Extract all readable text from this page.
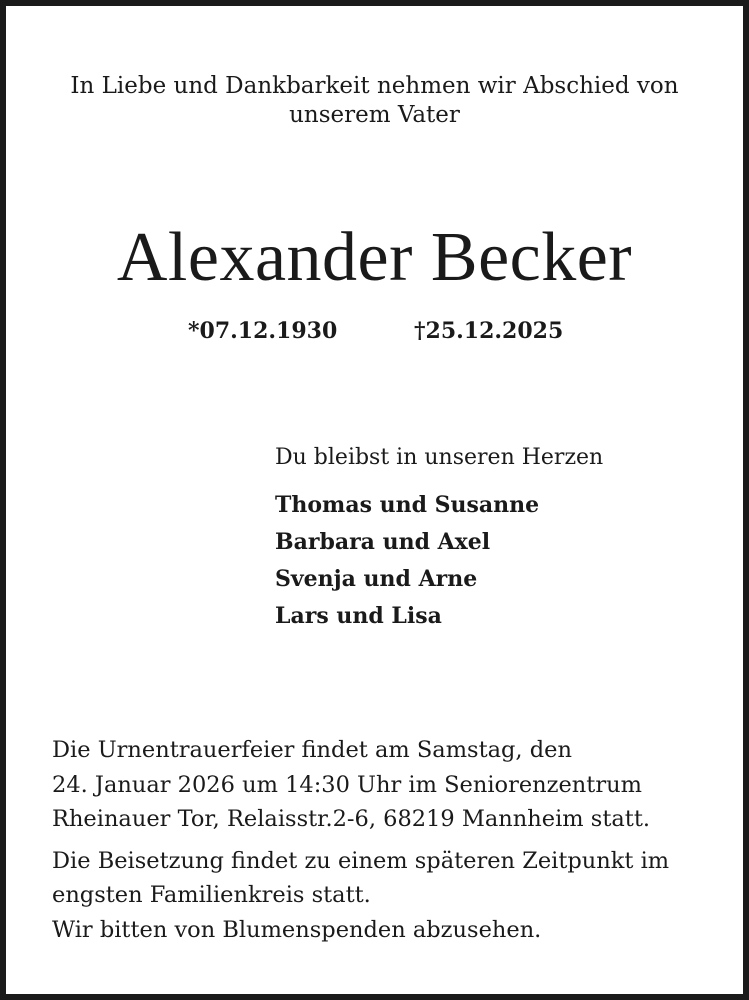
In Liebe und Dankbarkeit nehmen wir Abschied von
unserem Vater
Alexander Becker
*07.12.1930	†25.12.2025
Du bleibst in unseren Herzen
Thomas und Susanne
Barbara und Axel
Svenja und Arne
Lars und Lisa

Die Urnentrauerfeier findet am Samstag, den
24. Januar 2026 um 14:30 Uhr im Seniorenzentrum
Rheinauer Tor, Relaisstr.2-6, 68219 Mannheim statt.

Die Beisetzung findet zu einem späteren Zeitpunkt im
engsten Familienkreis statt.
Wir bitten von Blumenspenden abzusehen.
